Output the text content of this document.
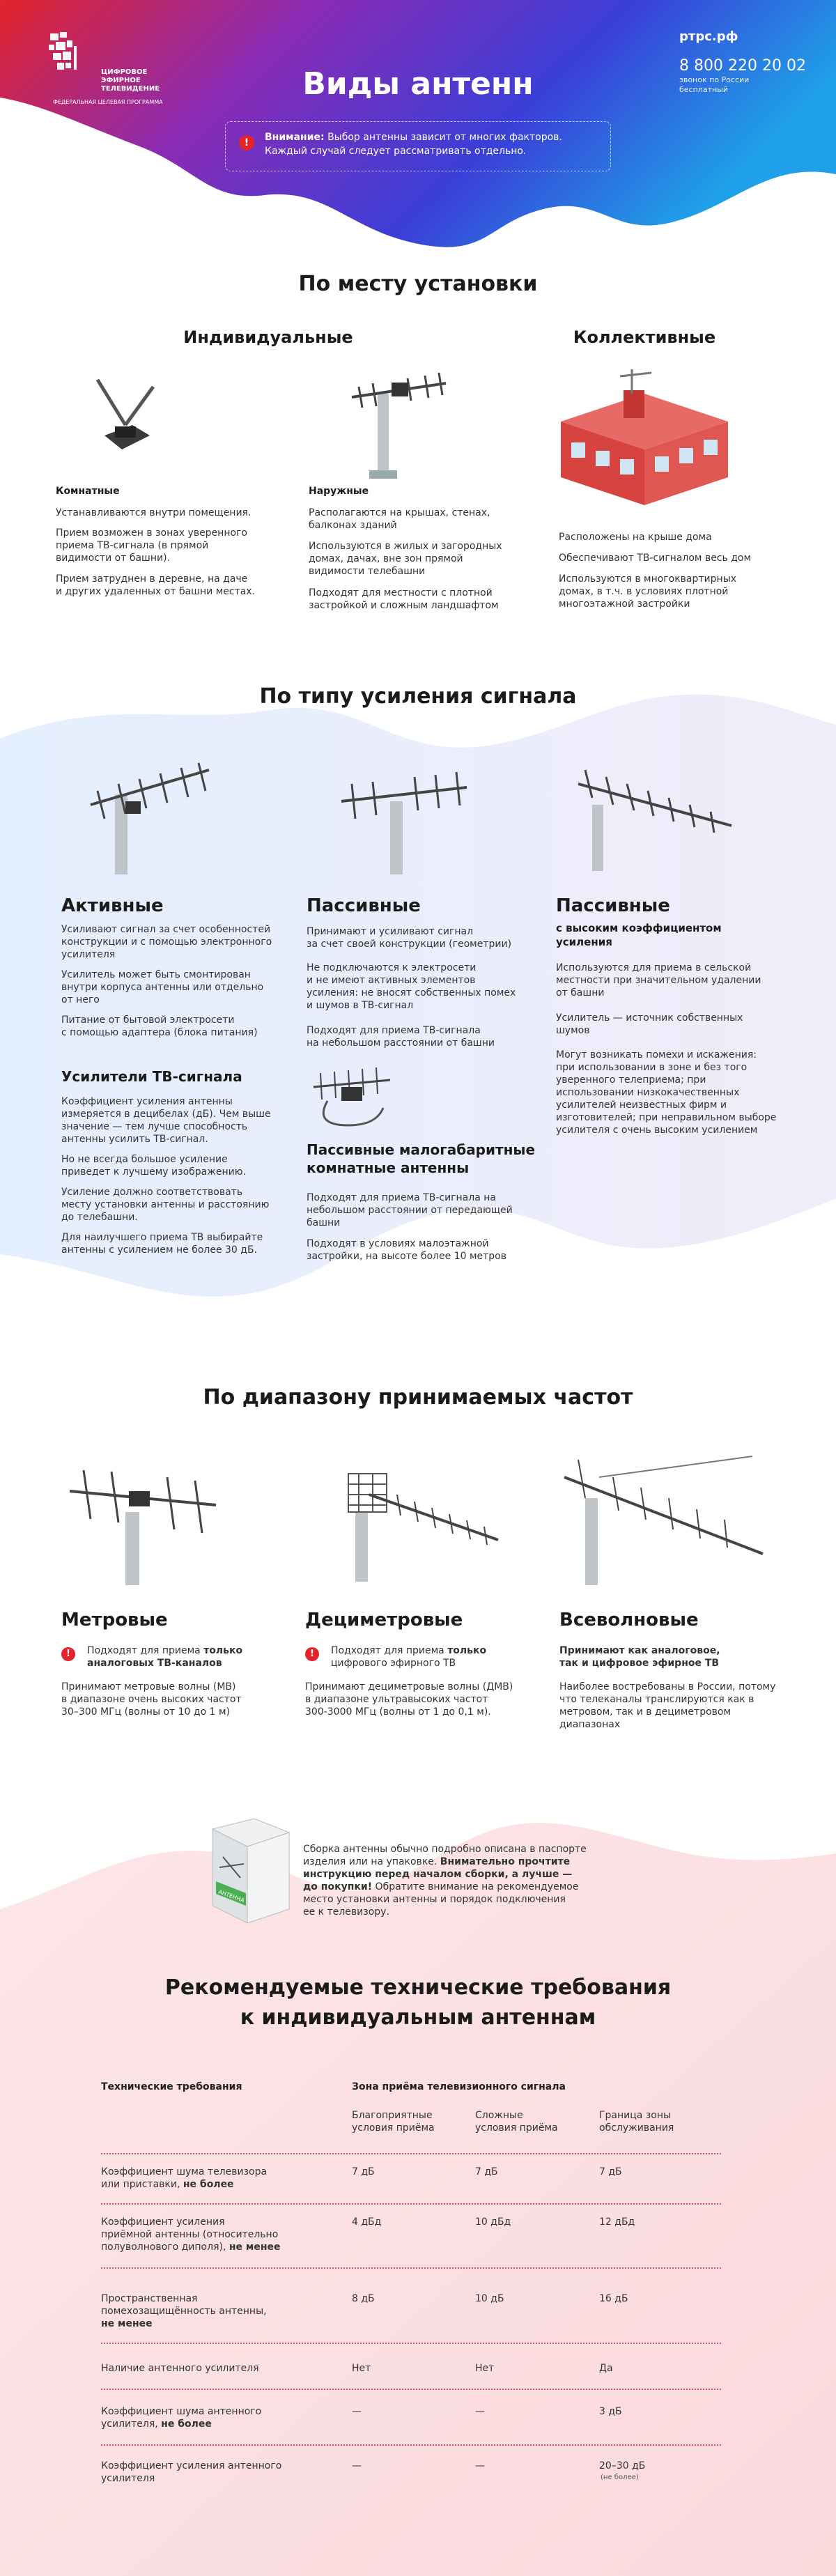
ЦИФРОВОЕ
ЭФИРНОЕ
ТЕЛЕВИДЕНИЕ
ФЕДЕРАЛЬНАЯ ЦЕЛЕВАЯ ПРОГРАММА
Виды антенн
ртрс.рф
8 800 220 20 02
звонок по России
бесплатный
!	Внимание: Выбор антенны зависит от многих факторов.
Каждый случай следует рассматривать отдельно.
По месту установки
Индивидуальные	Коллективные
Комнатные
Устанавливаются внутри помещения.
Прием возможен в зонах уверенного
приема ТВ-сигнала (в прямой
видимости от башни).
Прием затруднен в деревне, на даче
и других удаленных от башни местах.
Наружные
Располагаются на крышах, стенах,
балконах зданий
Используются в жилых и загородных
домах, дачах, вне зон прямой
видимости телебашни
Подходят для местности с плотной
застройкой и сложным ландшафтом
Расположены на крыше дома
Обеспечивают ТВ-сигналом весь дом
Используются в многоквартирных
домах, в т.ч. в условиях плотной
многоэтажной застройки
По типу усиления сигнала
Активные
Усиливают сигнал за счет особенностей
конструкции и с помощью электронного
усилителя
Усилитель может быть смонтирован
внутри корпуса антенны или отдельно
от него
Питание от бытовой электросети
с помощью адаптера (блока питания)
Усилители ТВ-сигнала
Коэффициент усиления антенны
измеряется в децибелах (дБ). Чем выше
значение — тем лучше способность
антенны усилить ТВ-сигнал.
Но не всегда большое усиление
приведет к лучшему изображению.
Усиление должно соответствовать
месту установки антенны и расстоянию
до телебашни.
Для наилучшего приема ТВ выбирайте
антенны с усилением не более 30 дБ.
Пассивные
Принимают и усиливают сигнал
за счет своей конструкции (геометрии)
Не подключаются к электросети
и не имеют активных элементов
усиления: не вносят собственных помех
и шумов в ТВ-сигнал
Подходят для приема ТВ-сигнала
на небольшом расстоянии от башни
Пассивные малогабаритные
комнатные антенны
Подходят для приема ТВ-сигнала на
небольшом расстоянии от передающей
башни
Подходят в условиях малоэтажной
застройки, на высоте более 10 метров
Пассивные
с высоким коэффициентом
усиления
Используются для приема в сельской
местности при значительном удалении
от башни
Усилитель — источник собственных
шумов
Могут возникать помехи и искажения:
при использовании в зоне и без того
уверенного телеприема; при
использовании низкокачественных
усилителей неизвестных фирм и
изготовителей; при неправильном выборе
усилителя с очень высоким усилением
По диапазону принимаемых частот
Метровые
!	Подходят для приема только
аналоговых ТВ-каналов
Принимают метровые волны (МВ)
в диапазоне очень высоких частот
30–300 МГц (волны от 10 до 1 м)
Дециметровые
!	Подходят для приема только
цифрового эфирного ТВ
Принимают дециметровые волны (ДМВ)
в диапазоне ультравысоких частот
300-3000 МГц (волны от 1 до 0,1 м).
Всеволновые
Принимают как аналоговое,
так и цифровое эфирное ТВ
Наиболее востребованы в России, потому
что телеканалы транслируются как в
метровом, так и в дециметровом
диапазонах
АНТЕННА
Сборка антенны обычно подробно описана в паспорте
изделия или на упаковке. Внимательно прочтите
инструкцию перед началом сборки, а лучше —
до покупки! Обратите внимание на рекомендуемое
место установки антенны и порядок подключения
ее к телевизору.
Рекомендуемые технические требования
к индивидуальным антеннам
Технические требования	Зона приёма телевизионного сигнала
Благоприятные
условия приёма
Сложные
условия приёма
Граница зоны
обслуживания
Коэффициент шума телевизора
или приставки, не более
7 дБ	7 дБ	7 дБ
Коэффициент усиления
приёмной антенны (относительно
полуволнового диполя), не менее
4 дБд	10 дБд	12 дБд
Пространственная
помехозащищённость антенны,
не менее
8 дБ	10 дБ	16 дБ
Наличие антенного усилителя	Нет	Нет	Да
Коэффициент шума антенного
усилителя, не более
—	—	3 дБ
Коэффициент усиления антенного
усилителя
—	—	20–30 дБ
(не более)
